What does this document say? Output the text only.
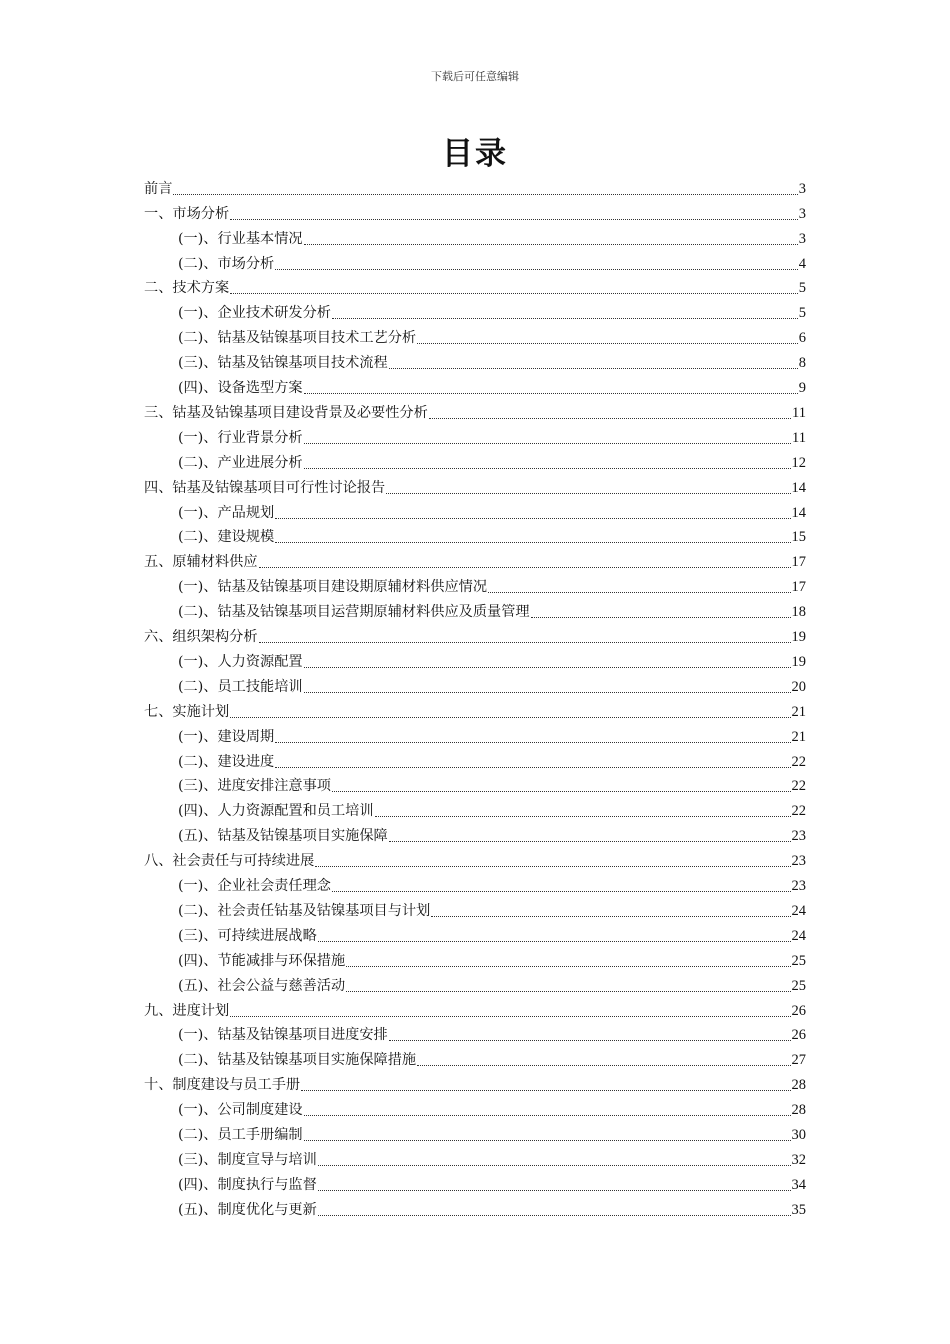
下载后可任意编辑
目录
前言	3
一、市场分析	3
(一)、行业基本情况	3
(二)、市场分析	4
二、技术方案	5
(一)、企业技术研发分析	5
(二)、钴基及钴镍基项目技术工艺分析	6
(三)、钴基及钴镍基项目技术流程	8
(四)、设备选型方案	9
三、钴基及钴镍基项目建设背景及必要性分析	11
(一)、行业背景分析	11
(二)、产业进展分析	12
四、钴基及钴镍基项目可行性讨论报告	14
(一)、产品规划	14
(二)、建设规模	15
五、原辅材料供应	17
(一)、钴基及钴镍基项目建设期原辅材料供应情况	17
(二)、钴基及钴镍基项目运营期原辅材料供应及质量管理	18
六、组织架构分析	19
(一)、人力资源配置	19
(二)、员工技能培训	20
七、实施计划	21
(一)、建设周期	21
(二)、建设进度	22
(三)、进度安排注意事项	22
(四)、人力资源配置和员工培训	22
(五)、钴基及钴镍基项目实施保障	23
八、社会责任与可持续进展	23
(一)、企业社会责任理念	23
(二)、社会责任钴基及钴镍基项目与计划	24
(三)、可持续进展战略	24
(四)、节能减排与环保措施	25
(五)、社会公益与慈善活动	25
九、进度计划	26
(一)、钴基及钴镍基项目进度安排	26
(二)、钴基及钴镍基项目实施保障措施	27
十、制度建设与员工手册	28
(一)、公司制度建设	28
(二)、员工手册编制	30
(三)、制度宣导与培训	32
(四)、制度执行与监督	34
(五)、制度优化与更新	35
